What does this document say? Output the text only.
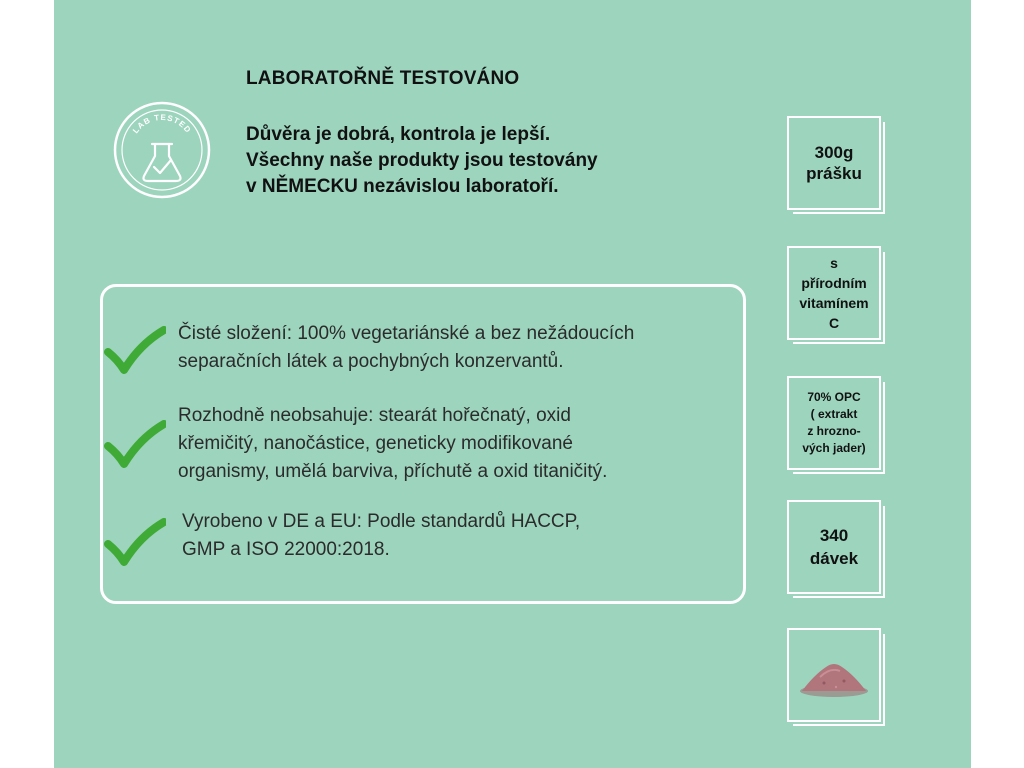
LAB TESTED
LABORATOŘNĚ TESTOVÁNO
Důvěra je dobrá, kontrola je lepší.
Všechny naše produkty jsou testovány
v NĚMECKU nezávislou laboratoří.
Čisté složení: 100% vegetariánské a bez nežádoucích
separačních látek a pochybných konzervantů.
Rozhodně neobsahuje: stearát hořečnatý, oxid
křemičitý, nanočástice, geneticky modifikované
organismy, umělá barviva, příchutě a oxid titaničitý.
Vyrobeno v DE a EU: Podle standardů HACCP,
GMP a ISO 22000:2018.
300g
prášku
s
přírodním
vitamínem
C
70% OPC
( extrakt
z hrozno-
vých jader)
340
dávek
